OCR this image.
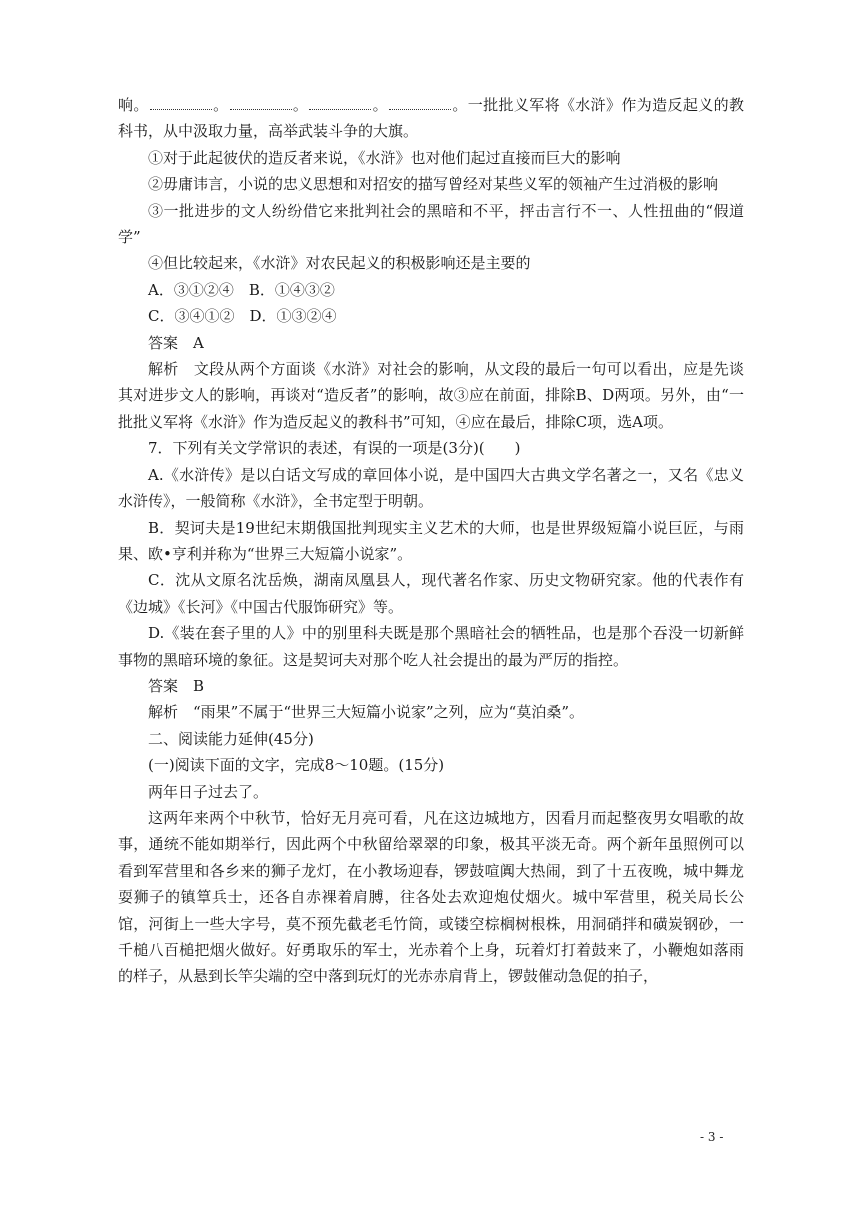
响。	。	。	。	。一批批义军将《水浒》作为造反起义的教科书，从中汲取力量，高举武装斗争的大旗。

①对于此起彼伏的造反者来说，《水浒》也对他们起过直接而巨大的影响

②毋庸讳言，小说的忠义思想和对招安的描写曾经对某些义军的领袖产生过消极的影响

③一批进步的文人纷纷借它来批判社会的黑暗和不平，抨击言行不一、人性扭曲的“假道学”

④但比较起来，《水浒》对农民起义的积极影响还是主要的

A．③①②④　B．①④③②

C．③④①②　D．①③②④

答案　A

解析　文段从两个方面谈《水浒》对社会的影响，从文段的最后一句可以看出，应是先谈其对进步文人的影响，再谈对“造反者”的影响，故③应在前面，排除B、D两项。另外，由“一批批义军将《水浒》作为造反起义的教科书”可知，④应在最后，排除C项，选A项。

7．下列有关文学常识的表述，有误的一项是(3分)(　　)

A.《水浒传》是以白话文写成的章回体小说，是中国四大古典文学名著之一，又名《忠义水浒传》，一般简称《水浒》，全书定型于明朝。

B．契诃夫是19世纪末期俄国批判现实主义艺术的大师，也是世界级短篇小说巨匠，与雨果、欧•亨利并称为“世界三大短篇小说家”。

C．沈从文原名沈岳焕，湖南凤凰县人，现代著名作家、历史文物研究家。他的代表作有《边城》《长河》《中国古代服饰研究》等。

D.《装在套子里的人》中的别里科夫既是那个黑暗社会的牺牲品，也是那个吞没一切新鲜事物的黑暗环境的象征。这是契诃夫对那个吃人社会提出的最为严厉的指控。

答案　B

解析　“雨果”不属于“世界三大短篇小说家”之列，应为“莫泊桑”。

二、阅读能力延伸(45分)

(一)阅读下面的文字，完成8～10题。(15分)

两年日子过去了。

这两年来两个中秋节，恰好无月亮可看，凡在这边城地方，因看月而起整夜男女唱歌的故事，通统不能如期举行，因此两个中秋留给翠翠的印象，极其平淡无奇。两个新年虽照例可以看到军营里和各乡来的狮子龙灯，在小教场迎春，锣鼓喧阗大热闹，到了十五夜晚，城中舞龙耍狮子的镇筸兵士，还各自赤裸着肩膊，往各处去欢迎炮仗烟火。城中军营里，税关局长公馆，河街上一些大字号，莫不预先截老毛竹筒，或镂空棕榈树根株，用洞硝拌和磺炭钢砂，一千槌八百槌把烟火做好。好勇取乐的军士，光赤着个上身，玩着灯打着鼓来了，小鞭炮如落雨的样子，从悬到长竿尖端的空中落到玩灯的光赤赤肩背上，锣鼓催动急促的拍子，

- 3 -
